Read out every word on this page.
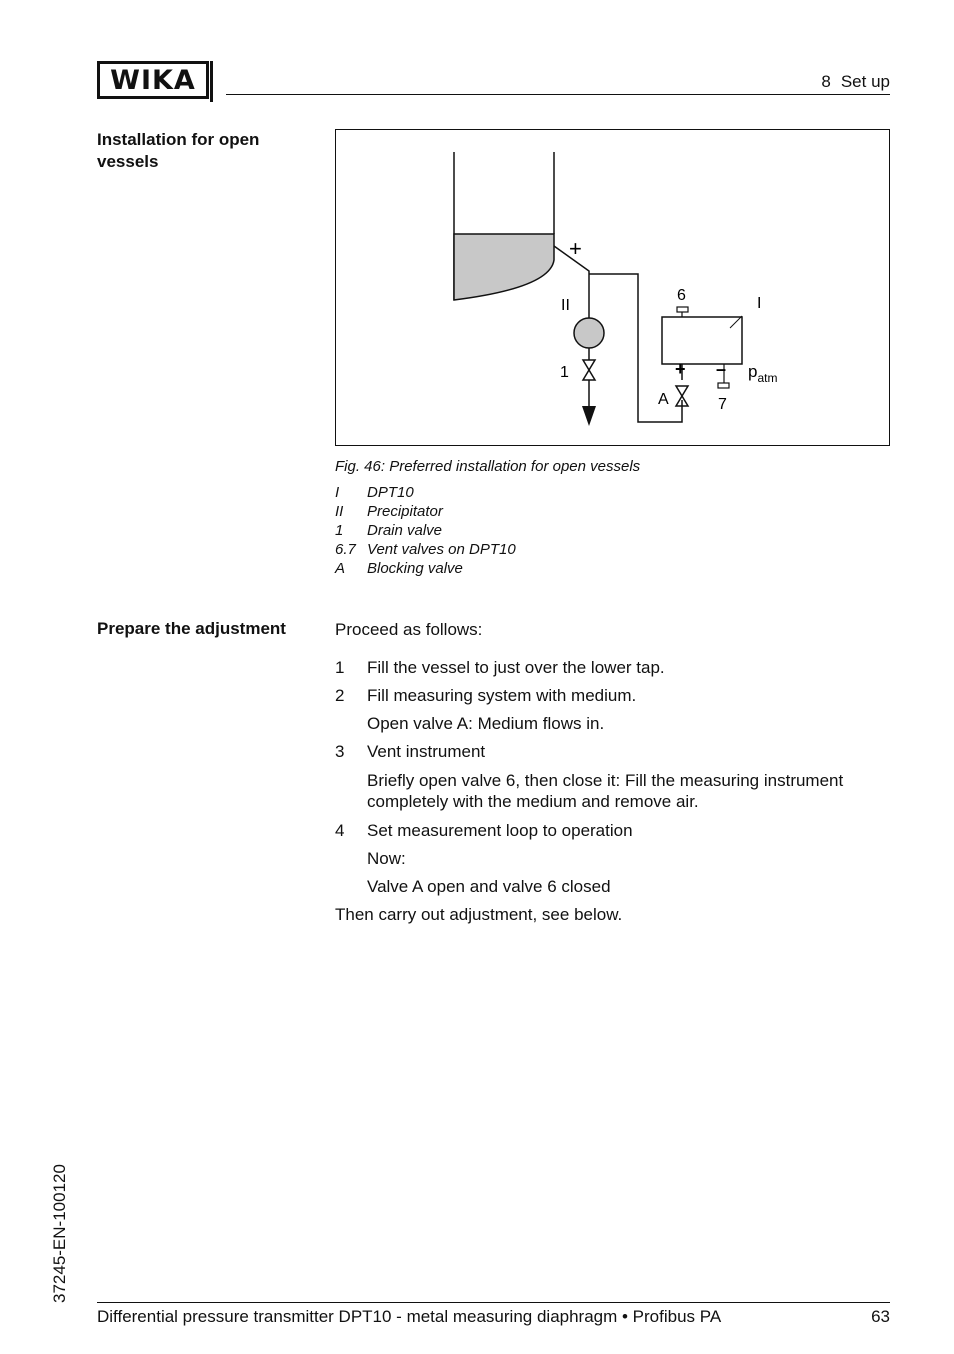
WIKA	8 Set up
Installation for open vessels
+
II	I
6
1	+ – $p_{atm}$
A	7
Fig. 46: Preferred installation for open vessels
I	DPT10
II	Precipitator
1	Drain valve
6.7 Vent valves on DPT10
A	Blocking valve
Prepare the adjustment	Proceed as follows:
1	Fill the vessel to just over the lower tap.
2	Fill measuring system with medium.
Open valve A: Medium flows in.
3	Vent instrument
Briefly open valve 6, then close it: Fill the measuring instrument completely with the medium and remove air.
4	Set measurement loop to operation
Now:
Valve A open and valve 6 closed
Then carry out adjustment, see below.
37245-EN-100120
Differential pressure transmitter DPT10 - metal measuring diaphragm • Profibus PA	63
